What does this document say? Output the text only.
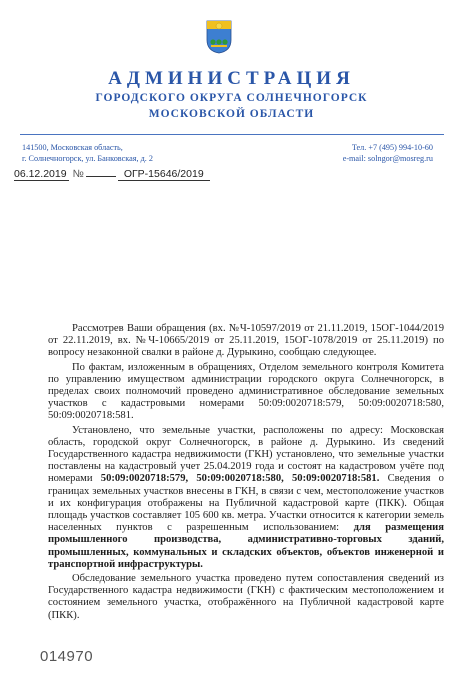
АДМИНИСТРАЦИЯ
ГОРОДСКОГО ОКРУГА СОЛНЕЧНОГОРСК
МОСКОВСКОЙ ОБЛАСТИ
141500, Московская область,
г. Солнечногорск, ул. Банковская, д. 2
Тел. +7 (495) 994-10-60
e-mail: solngor@mosreg.ru
06.12.2019 №	ОГР-15646/2019

Рассмотрев Ваши обращения (вх. №Ч-10597/2019 от 21.11.2019, 15ОГ-1044/2019 от 22.11.2019, вх. №Ч-10665/2019 от 25.11.2019, 15ОГ-1078/2019 от 25.11.2019) по вопросу незаконной свалки в районе д. Дурыкино, сообщаю следующее.

По фактам, изложенным в обращениях, Отделом земельного контроля Комитета по управлению имуществом администрации городского округа Солнечногорск, в пределах своих полномочий проведено административное обследование земельных участков с кадастровыми номерами 50:09:0020718:579, 50:09:0020718:580, 50:09:0020718:581.

Установлено, что земельные участки, расположены по адресу: Московская область, городской округ Солнечногорск, в районе д. Дурыкино. Из сведений Государственного кадастра недвижимости (ГКН) установлено, что земельные участки поставлены на кадастровый учет 25.04.2019 года и состоят на кадастровом учёте под номерами 50:09:0020718:579, 50:09:0020718:580, 50:09:0020718:581. Сведения о границах земельных участков внесены в ГКН, в связи с чем, местоположение участков и их конфигурация отображены на Публичной кадастровой карте (ПКК). Общая площадь участков составляет 105 600 кв. метра. Участки относится к категории земель населенных пунктов с разрешенным использованием: для размещения промышленного производства, административно-торговых зданий, промышленных, коммунальных и складских объектов, объектов инженерной и транспортной инфраструктуры.

Обследование земельного участка проведено путем сопоставления сведений из Государственного кадастра недвижимости (ГКН) с фактическим местоположением и состоянием земельного участка, отображённого на Публичной кадастровой карте (ПКК).

014970
